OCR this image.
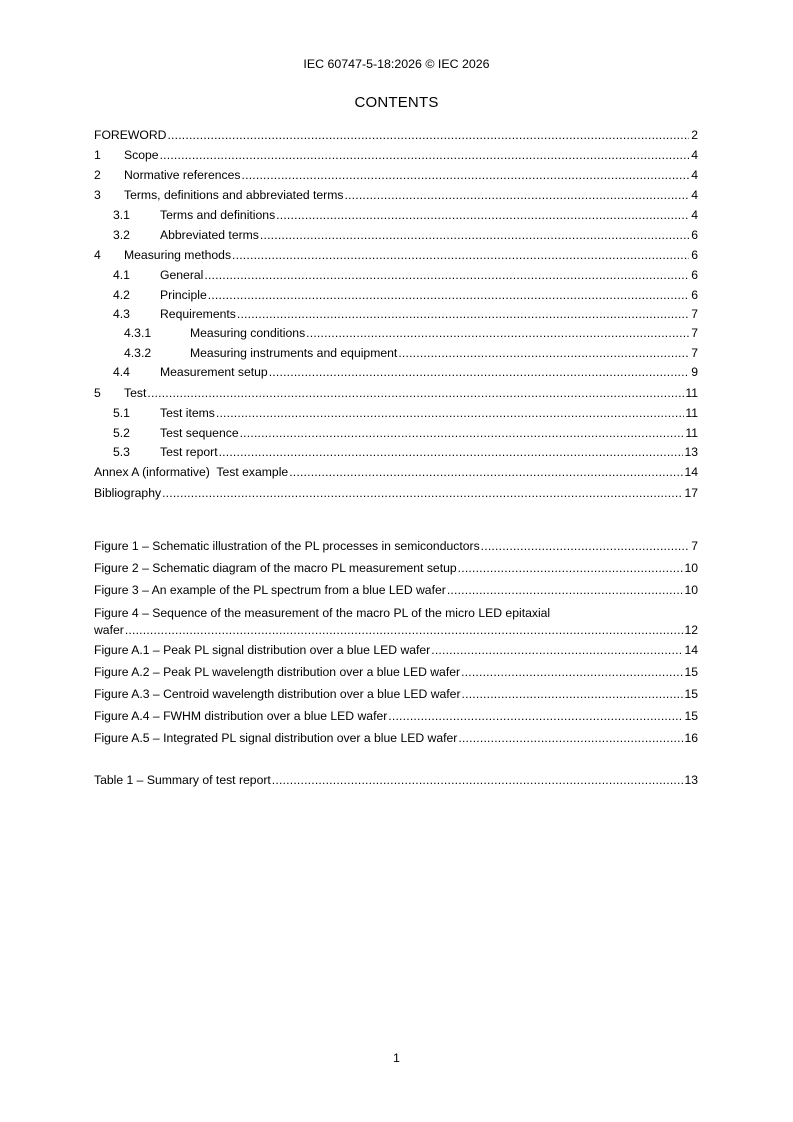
IEC 60747-5-18:2026 © IEC 2026
CONTENTS
FOREWORD .....	2
1	Scope .....	4
2	Normative references .....	4
3	Terms, definitions and abbreviated terms .....	4
3.1	Terms and definitions .....	4
3.2	Abbreviated terms .....	6
4	Measuring methods .....	6
4.1	General .....	6
4.2	Principle .....	6
4.3	Requirements .....	7
4.3.1	Measuring conditions .....	7
4.3.2	Measuring instruments and equipment .....	7
4.4	Measurement setup .....	9
5	Test .....	11
5.1	Test items .....	11
5.2	Test sequence .....	11
5.3	Test report .....	13
Annex A (informative)  Test example .....	14
Bibliography .....	17
Figure 1 – Schematic illustration of the PL processes in semiconductors .....	7
Figure 2 – Schematic diagram of the macro PL measurement setup .....	10
Figure 3 – An example of the PL spectrum from a blue LED wafer .....	10
Figure 4 – Sequence of the measurement of the macro PL of the micro LED epitaxial
wafer .....	12
Figure A.1 – Peak PL signal distribution over a blue LED wafer .....	14
Figure A.2 – Peak PL wavelength distribution over a blue LED wafer .....	15
Figure A.3 – Centroid wavelength distribution over a blue LED wafer .....	15
Figure A.4 – FWHM distribution over a blue LED wafer .....	15
Figure A.5 – Integrated PL signal distribution over a blue LED wafer .....	16
Table 1 – Summary of test report .....	13
1
